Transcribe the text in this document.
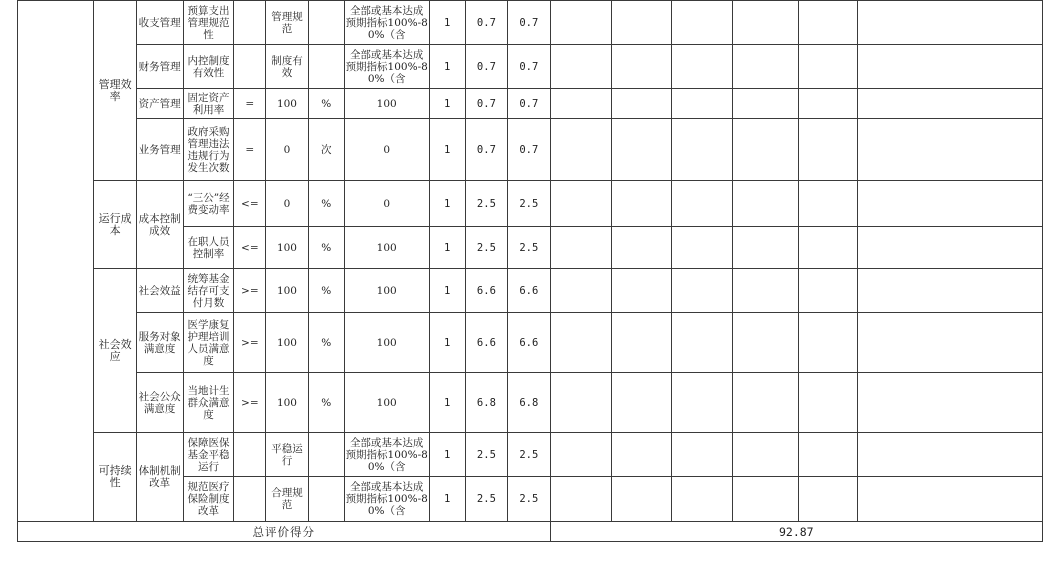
	管理效率	收支管理	预算支出管理规范性		管理规范		全部或基本达成预期指标100%-80%（含	1	0.7	0.7						
		财务管理	内控制度有效性		制度有效		全部或基本达成预期指标100%-80%（含	1	0.7	0.7						
		资产管理	固定资产利用率	=	100	%	100	1	0.7	0.7						
		业务管理	政府采购管理违法违规行为发生次数	=	0	次	0	1	0.7	0.7						
	运行成本	成本控制成效	“三公”经费变动率	<=	0	%	0	1	2.5	2.5						
			在职人员控制率	<=	100	%	100	1	2.5	2.5						
	社会效应	社会效益	统筹基金结存可支付月数	>=	100	%	100	1	6.6	6.6						
		服务对象满意度	医学康复护理培训人员满意度	>=	100	%	100	1	6.6	6.6						
		社会公众满意度	当地计生群众满意度	>=	100	%	100	1	6.8	6.8						
	可持续性	体制机制改革	保障医保基金平稳运行		平稳运行		全部或基本达成预期指标100%-80%（含	1	2.5	2.5						
			规范医疗保险制度改革		合理规范		全部或基本达成预期指标100%-80%（含	1	2.5	2.5						
总评价得分											92.87					
